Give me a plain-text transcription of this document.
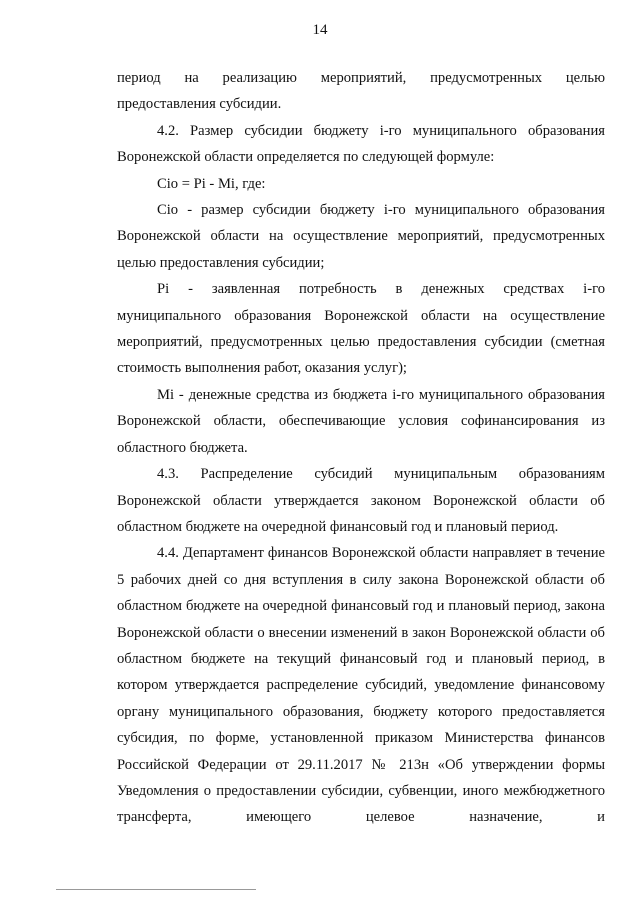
14

период на реализацию мероприятий, предусмотренных целью предоставления субсидии.

4.2. Размер субсидии бюджету i-го муниципального образования Воронежской области определяется по следующей формуле:

Ciо = Pi - Mi, где:

Ciо - размер субсидии бюджету i-го муниципального образования Воронежской области на осуществление мероприятий, предусмотренных целью предоставления субсидии;

Pi - заявленная потребность в денежных средствах i-го муниципального образования Воронежской области на осуществление мероприятий, предусмотренных целью предоставления субсидии (сметная стоимость выполнения работ, оказания услуг);

Mi - денежные средства из бюджета i-го муниципального образования Воронежской области, обеспечивающие условия софинансирования из областного бюджета.

4.3. Распределение субсидий муниципальным образованиям Воронежской области утверждается законом Воронежской области об областном бюджете на очередной финансовый год и плановый период.

4.4. Департамент финансов Воронежской области направляет в течение 5 рабочих дней со дня вступления в силу закона Воронежской области об областном бюджете на очередной финансовый год и плановый период, закона Воронежской области о внесении изменений в закон Воронежской области об областном бюджете на текущий финансовый год и плановый период, в котором утверждается распределение субсидий, уведомление финансовому органу муниципального образования, бюджету которого предоставляется субсидия, по форме, установленной приказом Министерства финансов Российской Федерации от 29.11.2017 № 213н «Об утверждении формы Уведомления о предоставлении субсидии, субвенции, иного межбюджетного трансферта, имеющего целевое назначение, и
